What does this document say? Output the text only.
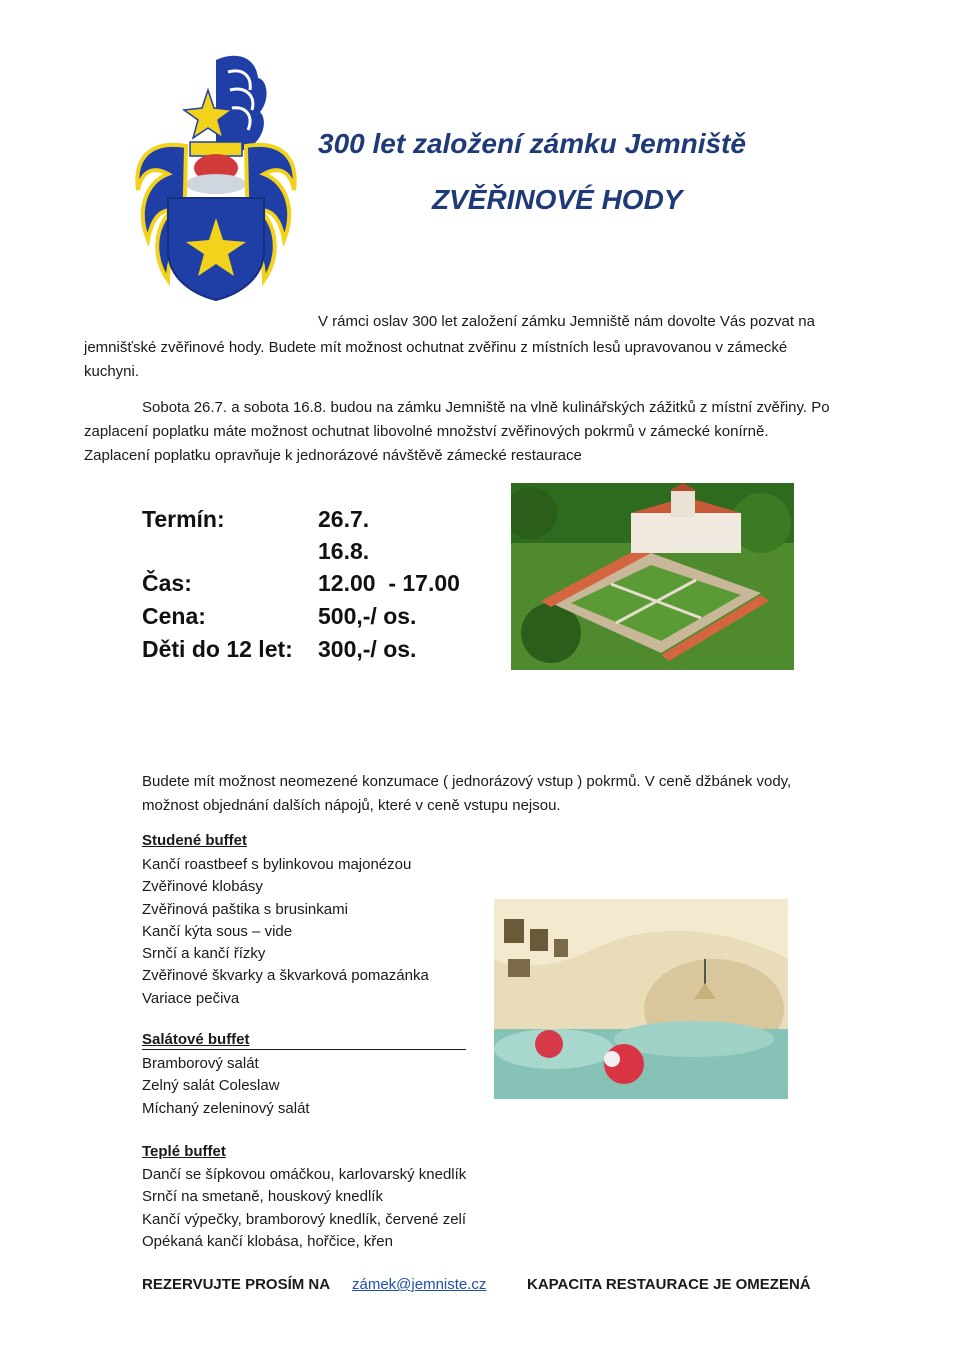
300 let založení zámku Jemniště
ZVĚŘINOVÉ HODY
V rámci oslav 300 let založení zámku Jemniště nám dovolte Vás pozvat na
jemnišťské zvěřinové hody. Budete mít možnost ochutnat zvěřinu z místních lesů upravovanou v zámecké
kuchyni.
Sobota 26.7. a sobota 16.8. budou na zámku Jemniště na vlně kulinářských zážitků z místní zvěřiny. Po
zaplacení poplatku máte možnost ochutnat libovolné množství zvěřinových pokrmů v zámecké konírně.
Zaplacení poplatku opravňuje k jednorázové návštěvě zámecké restaurace
Termín:	26.7.
16.8.
Čas:	12.00  - 17.00
Cena:	500,-/ os.
Děti do 12 let: 300,-/ os.
Budete mít možnost neomezené konzumace ( jednorázový vstup ) pokrmů. V ceně džbánek vody,
možnost objednání dalších nápojů, které v ceně vstupu nejsou.
Studené buffet
Kančí roastbeef s bylinkovou majonézou
Zvěřinové klobásy
Zvěřinová paštika s brusinkami
Kančí kýta sous – vide
Srnčí a kančí řízky
Zvěřinové škvarky a škvarková pomazánka
Variace pečiva
Salátové buffet
Bramborový salát
Zelný salát Coleslaw
Míchaný zeleninový salát
Teplé buffet
Dančí se šípkovou omáčkou, karlovarský knedlík
Srnčí na smetaně, houskový knedlík
Kančí výpečky, bramborový knedlík, červené zelí
Opékaná kančí klobása, hořčice, křen
REZERVUJTE PROSÍM NA zámek@jemniste.cz	KAPACITA RESTAURACE JE OMEZENÁ
